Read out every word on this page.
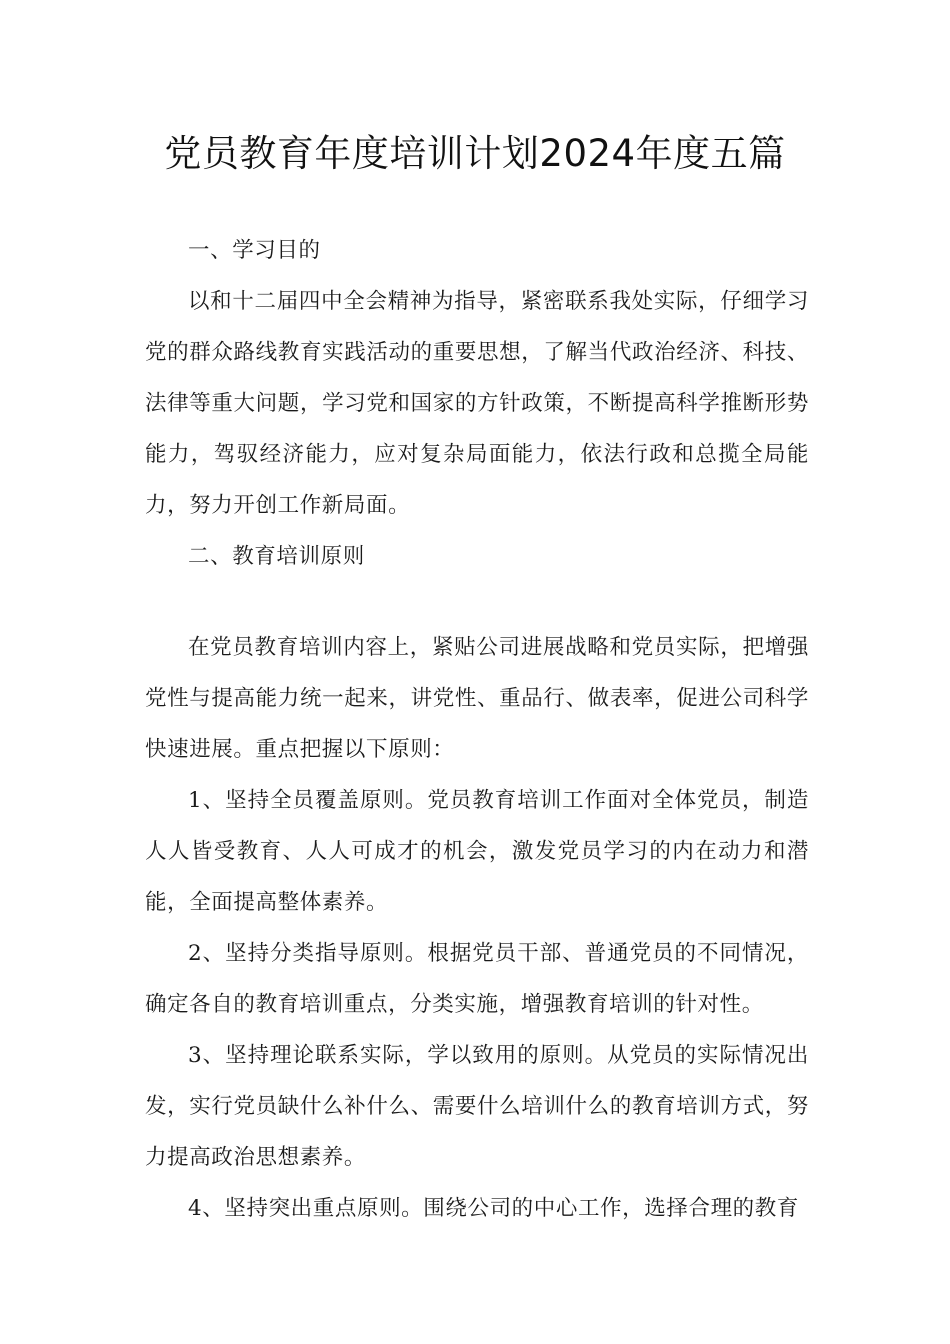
党员教育年度培训计划2024年度五篇

一、学习目的

以和十二届四中全会精神为指导，紧密联系我处实际，仔细学习党的群众路线教育实践活动的重要思想，了解当代政治经济、科技、法律等重大问题，学习党和国家的方针政策，不断提高科学推断形势能力，驾驭经济能力，应对复杂局面能力，依法行政和总揽全局能力，努力开创工作新局面。

二、教育培训原则

在党员教育培训内容上，紧贴公司进展战略和党员实际，把增强党性与提高能力统一起来，讲党性、重品行、做表率，促进公司科学快速进展。重点把握以下原则：

1、坚持全员覆盖原则。党员教育培训工作面对全体党员，制造人人皆受教育、人人可成才的机会，激发党员学习的内在动力和潜能，全面提高整体素养。

2、坚持分类指导原则。根据党员干部、普通党员的不同情况，确定各自的教育培训重点，分类实施，增强教育培训的针对性。

3、坚持理论联系实际，学以致用的原则。从党员的实际情况出发，实行党员缺什么补什么、需要什么培训什么的教育培训方式，努力提高政治思想素养。

4、坚持突出重点原则。围绕公司的中心工作，选择合理的教育
